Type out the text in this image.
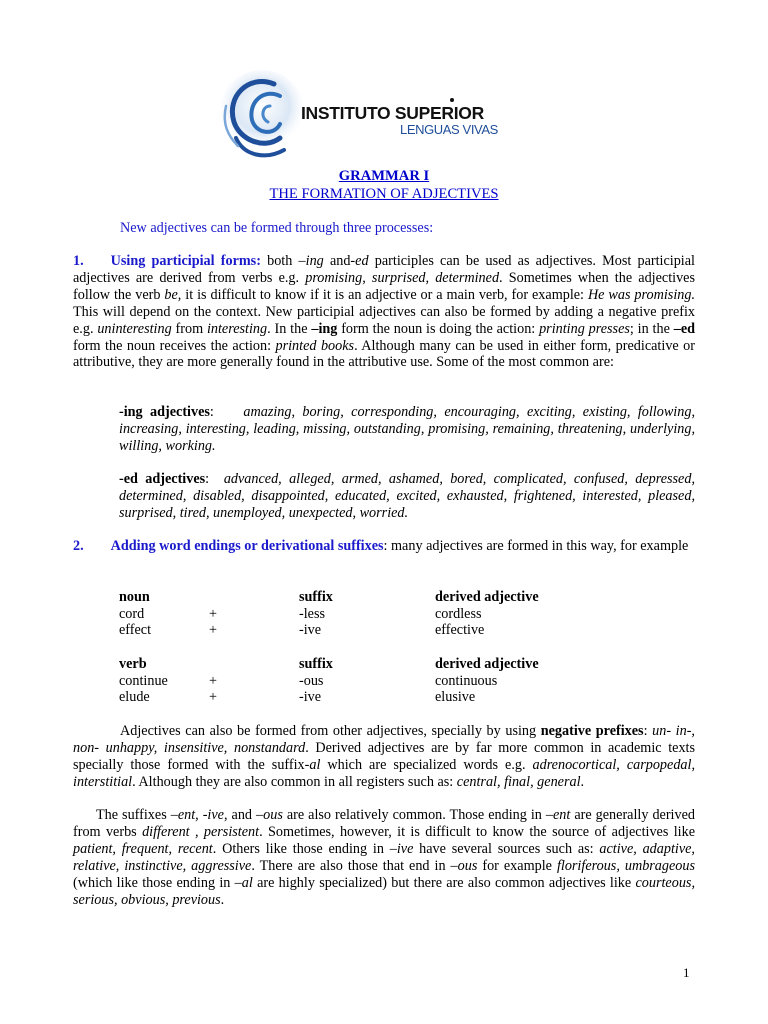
INSTITUTO SUPERIOR
LENGUAS VIVAS
GRAMMAR I
THE FORMATION OF ADJECTIVES
New adjectives can be formed through three processes:
1. Using participial forms: both –ing and-ed participles can be used as adjectives. Most participial adjectives are derived from verbs e.g. promising, surprised, determined. Sometimes when the adjectives follow the verb be, it is difficult to know if it is an adjective or a main verb, for example: He was promising. This will depend on the context. New participial adjectives can also be formed by adding a negative prefix e.g. uninteresting from interesting. In the –ing form the noun is doing the action: printing presses; in the –ed form the noun receives the action: printed books. Although many can be used in either form, predicative or attributive, they are more generally found in the attributive use. Some of the most common are:
-ing adjectives: amazing, boring, corresponding, encouraging, exciting, existing, following, increasing, interesting, leading, missing, outstanding, promising, remaining, threatening, underlying, willing, working.
-ed adjectives: advanced, alleged, armed, ashamed, bored, complicated, confused, depressed, determined, disabled, disappointed, educated, excited, exhausted, frightened, interested, pleased, surprised, tired, unemployed, unexpected, worried.
2. Adding word endings or derivational suffixes: many adjectives are formed in this way, for example
noun		suffix	derived adjective
cord	+	-less	cordless
effect	+	-ive	effective
verb		suffix	derived adjective
continue	+	-ous	continuous
elude	+	-ive	elusive
Adjectives can also be formed from other adjectives, specially by using negative prefixes: un- in-, non- unhappy, insensitive, nonstandard. Derived adjectives are by far more common in academic texts specially those formed with the suffix-al which are specialized words e.g. adrenocortical, carpopedal, interstitial. Although they are also common in all registers such as: central, final, general.
The suffixes –ent, -ive, and –ous are also relatively common. Those ending in –ent are generally derived from verbs different , persistent. Sometimes, however, it is difficult to know the source of adjectives like patient, frequent, recent. Others like those ending in –ive have several sources such as: active, adaptive, relative, instinctive, aggressive. There are also those that end in –ous for example floriferous, umbrageous (which like those ending in –al are highly specialized) but there are also common adjectives like courteous, serious, obvious, previous.
1
